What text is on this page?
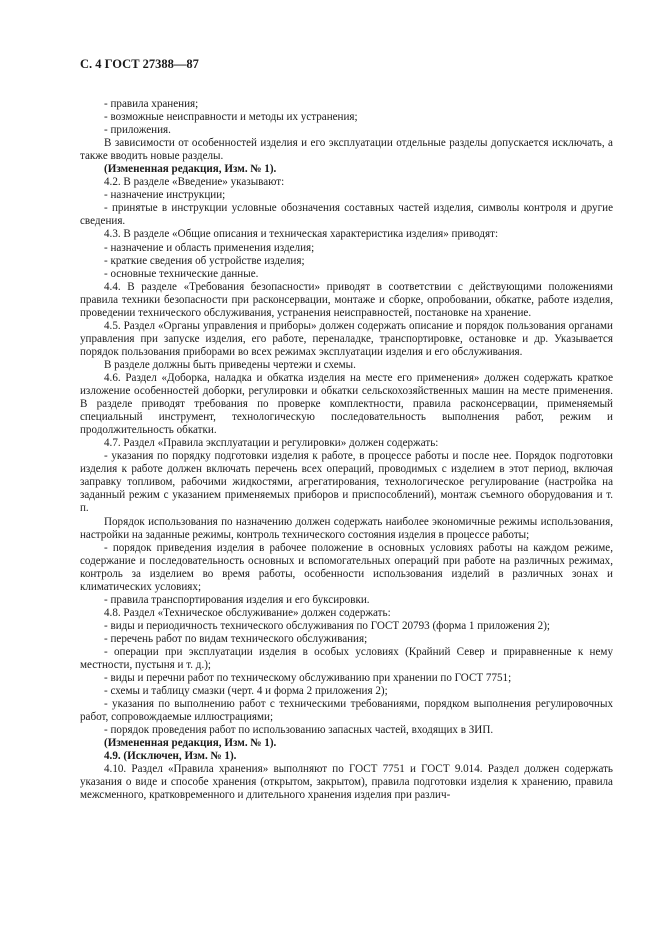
С. 4 ГОСТ 27388—87

- правила хранения;

- возможные неисправности и методы их устранения;

- приложения.

В зависимости от особенностей изделия и его эксплуатации отдельные разделы допускается исключать, а также вводить новые разделы.

(Измененная редакция, Изм. № 1).

4.2. В разделе «Введение» указывают:

- назначение инструкции;

- принятые в инструкции условные обозначения составных частей изделия, символы контроля и другие сведения.

4.3. В разделе «Общие описания и техническая характеристика изделия» приводят:

- назначение и область применения изделия;

- краткие сведения об устройстве изделия;

- основные технические данные.

4.4. В разделе «Требования безопасности» приводят в соответствии с действующими положениями правила техники безопасности при расконсервации, монтаже и сборке, опробовании, обкатке, работе изделия, проведении технического обслуживания, устранения неисправностей, постановке на хранение.

4.5. Раздел «Органы управления и приборы» должен содержать описание и порядок пользования органами управления при запуске изделия, его работе, переналадке, транспортировке, остановке и др. Указывается порядок пользования приборами во всех режимах эксплуатации изделия и его обслуживания.

В разделе должны быть приведены чертежи и схемы.

4.6. Раздел «Доборка, наладка и обкатка изделия на месте его применения» должен содержать краткое изложение особенностей доборки, регулировки и обкатки сельскохозяйственных машин на месте применения. В разделе приводят требования по проверке комплектности, правила расконсервации, применяемый специальный инструмент, технологическую последовательность выполнения работ, режим и продолжительность обкатки.

4.7. Раздел «Правила эксплуатации и регулировки» должен содержать:

- указания по порядку подготовки изделия к работе, в процессе работы и после нее. Порядок подготовки изделия к работе должен включать перечень всех операций, проводимых с изделием в этот период, включая заправку топливом, рабочими жидкостями, агрегатирования, технологическое регулирование (настройка на заданный режим с указанием применяемых приборов и приспособлений), монтаж съемного оборудования и т. п.

Порядок использования по назначению должен содержать наиболее экономичные режимы использования, настройки на заданные режимы, контроль технического состояния изделия в процессе работы;

- порядок приведения изделия в рабочее положение в основных условиях работы на каждом режиме, содержание и последовательность основных и вспомогательных операций при работе на различных режимах, контроль за изделием во время работы, особенности использования изделий в различных зонах и климатических условиях;

- правила транспортирования изделия и его буксировки.

4.8. Раздел «Техническое обслуживание» должен содержать:

- виды и периодичность технического обслуживания по ГОСТ 20793 (форма 1 приложения 2);

- перечень работ по видам технического обслуживания;

- операции при эксплуатации изделия в особых условиях (Крайний Север и приравненные к нему местности, пустыня и т. д.);

- виды и перечни работ по техническому обслуживанию при хранении по ГОСТ 7751;

- схемы и таблицу смазки (черт. 4 и форма 2 приложения 2);

- указания по выполнению работ с техническими требованиями, порядком выполнения регулировочных работ, сопровождаемые иллюстрациями;

- порядок проведения работ по использованию запасных частей, входящих в ЗИП.

(Измененная редакция, Изм. № 1).

4.9. (Исключен, Изм. № 1).

4.10. Раздел «Правила хранения» выполняют по ГОСТ 7751 и ГОСТ 9.014. Раздел должен содержать указания о виде и способе хранения (открытом, закрытом), правила подготовки изделия к хранению, правила межсменного, кратковременного и длительного хранения изделия при различ-
